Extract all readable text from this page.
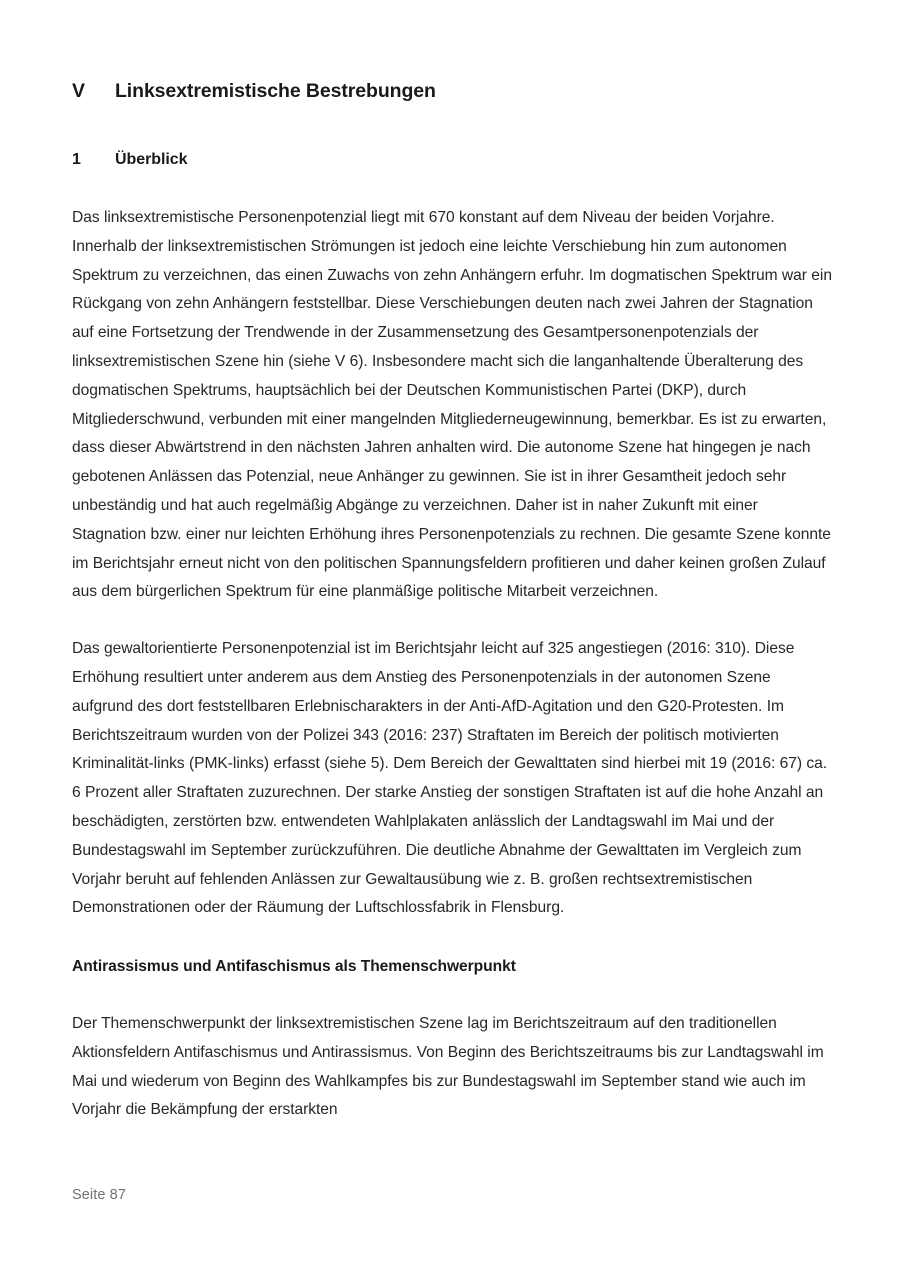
V	Linksextremistische Bestrebungen
1	Überblick

Das linksextremistische Personenpotenzial liegt mit 670 konstant auf dem Niveau der beiden Vorjahre. Innerhalb der linksextremistischen Strömungen ist jedoch eine leichte Verschiebung hin zum autonomen Spektrum zu verzeichnen, das einen Zuwachs von zehn Anhängern erfuhr. Im dogmatischen Spektrum war ein Rückgang von zehn Anhängern feststellbar. Diese Verschiebungen deuten nach zwei Jahren der Stagnation auf eine Fortsetzung der Trendwende in der Zusammensetzung des Gesamtpersonenpotenzials der linksextremistischen Szene hin (siehe V 6). Insbesondere macht sich die langanhaltende Überalterung des dogmatischen Spektrums, hauptsächlich bei der Deutschen Kommunistischen Partei (DKP), durch Mitgliederschwund, verbunden mit einer mangelnden Mitgliederneugewinnung, bemerkbar. Es ist zu erwarten, dass dieser Abwärtstrend in den nächsten Jahren anhalten wird. Die autonome Szene hat hingegen je nach gebotenen Anlässen das Potenzial, neue Anhänger zu gewinnen. Sie ist in ihrer Gesamtheit jedoch sehr unbeständig und hat auch regelmäßig Abgänge zu verzeichnen. Daher ist in naher Zukunft mit einer Stagnation bzw. einer nur leichten Erhöhung ihres Personenpotenzials zu rechnen. Die gesamte Szene konnte im Berichtsjahr erneut nicht von den politischen Spannungsfeldern profitieren und daher keinen großen Zulauf aus dem bürgerlichen Spektrum für eine planmäßige politische Mitarbeit verzeichnen.

Das gewaltorientierte Personenpotenzial ist im Berichtsjahr leicht auf 325 angestiegen (2016: 310). Diese Erhöhung resultiert unter anderem aus dem Anstieg des Personenpotenzials in der autonomen Szene aufgrund des dort feststellbaren Erlebnischarakters in der Anti-AfD-Agitation und den G20-Protesten. Im Berichtszeitraum wurden von der Polizei 343 (2016: 237) Straftaten im Bereich der politisch motivierten Kriminalität-links (PMK-links) erfasst (siehe 5). Dem Bereich der Gewalttaten sind hierbei mit 19 (2016: 67) ca. 6 Prozent aller Straftaten zuzurechnen. Der starke Anstieg der sonstigen Straftaten ist auf die hohe Anzahl an beschädigten, zerstörten bzw. entwendeten Wahlplakaten anlässlich der Landtagswahl im Mai und der Bundestagswahl im September zurückzuführen. Die deutliche Abnahme der Gewalttaten im Vergleich zum Vorjahr beruht auf fehlenden Anlässen zur Gewaltausübung wie z. B. großen rechtsextremistischen Demonstrationen oder der Räumung der Luftschlossfabrik in Flensburg.

Antirassismus und Antifaschismus als Themenschwerpunkt

Der Themenschwerpunkt der linksextremistischen Szene lag im Berichtszeitraum auf den traditionellen Aktionsfeldern Antifaschismus und Antirassismus. Von Beginn des Berichtszeitraums bis zur Landtagswahl im Mai und wiederum von Beginn des Wahlkampfes bis zur Bundestagswahl im September stand wie auch im Vorjahr die Bekämpfung der erstarkten

Seite 87
